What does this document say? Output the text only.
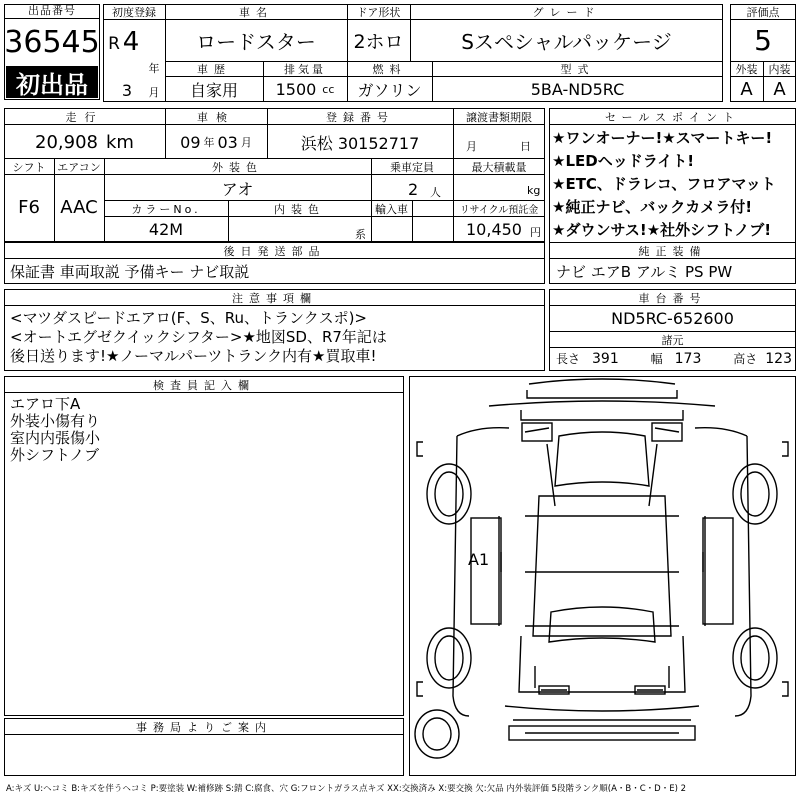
出品番号
36545
初出品
初度登録
R 4
年
3	月
車名
ロードスター
ドア形状
2ホロ
グレード
Sスペシャルパッケージ
車歴
自家用
排気量
1500 cc
燃料
ガソリン
型式
5BA-ND5RC
評価点
5
外装	内装
A	A
走行
20,908 km
車検
09 年 03 月
登録番号
浜松 30152717
譲渡書類期限
月	日
シフト	エアコン
F6	AAC
外装色
アオ
乗車定員
2 人
最大積載量
kg
カラーNo.
42M
内装色
系
輸入車	リサイクル預託金
10,450 円
後日発送部品
保証書 車両取説 予備キー ナビ取説
セールスポイント
★ワンオーナー!★スマートキー!
★LEDヘッドライト!
★ETC、ドラレコ、フロアマット
★純正ナビ、バックカメラ付!
★ダウンサス!★社外シフトノブ!
純正装備
ナビ エアB アルミ PS PW
注意事項欄
<マツダスピードエアロ(F、S、Ru、トランクスポ)>
<オートエグゼクイックシフター>★地図SD、R7年記は
後日送ります!★ノーマルパーツトランク内有★買取車!
車台番号
ND5RC-652600
諸元
長さ 391	幅 173	高さ 123
検査員記入欄
エアロ下A
外装小傷有り
室内内張傷小
外シフトノブ
事務局よりご案内
A1
A:キズ U:ヘコミ B:キズを伴うヘコミ P:要塗装 W:補修跡 S:錆 C:腐食、穴 G:フロントガラス点キズ XX:交換済み X:要交換 欠:欠品 内外装評価 5段階ランク順(A・B・C・D・E) 2
